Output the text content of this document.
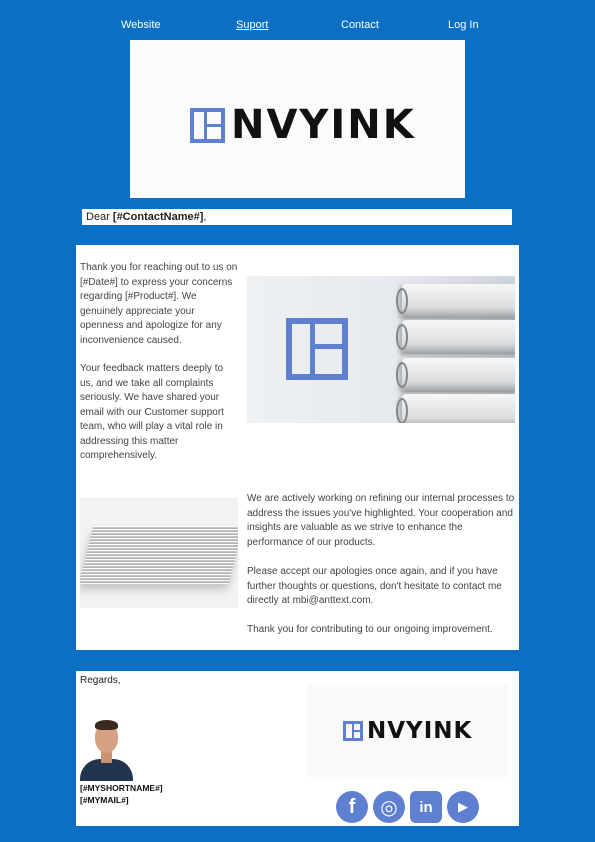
Website	Suport	Contact	Log In
NVYINK
Dear [#ContactName#],

Thank you for reaching out to us on [#Date#] to express your concerns regarding [#Product#]. We genuinely appreciate your openness and apologize for any inconvenience caused.

Your feedback matters deeply to us, and we take all complaints seriously. We have shared your email with our Customer support team, who will play a vital role in addressing this matter comprehensively.

We are actively working on refining our internal processes to address the issues you've highlighted. Your cooperation and insights are valuable as we strive to enhance the performance of our products.

Please accept our apologies once again, and if you have further thoughts or questions, don't hesitate to contact me directly at mbi@anttext.com.

Thank you for contributing to our ongoing improvement.

Regards,
[#MYSHORTNAME#]
[#MYMAIL#]
NVYINK
f	◎	in	▶
